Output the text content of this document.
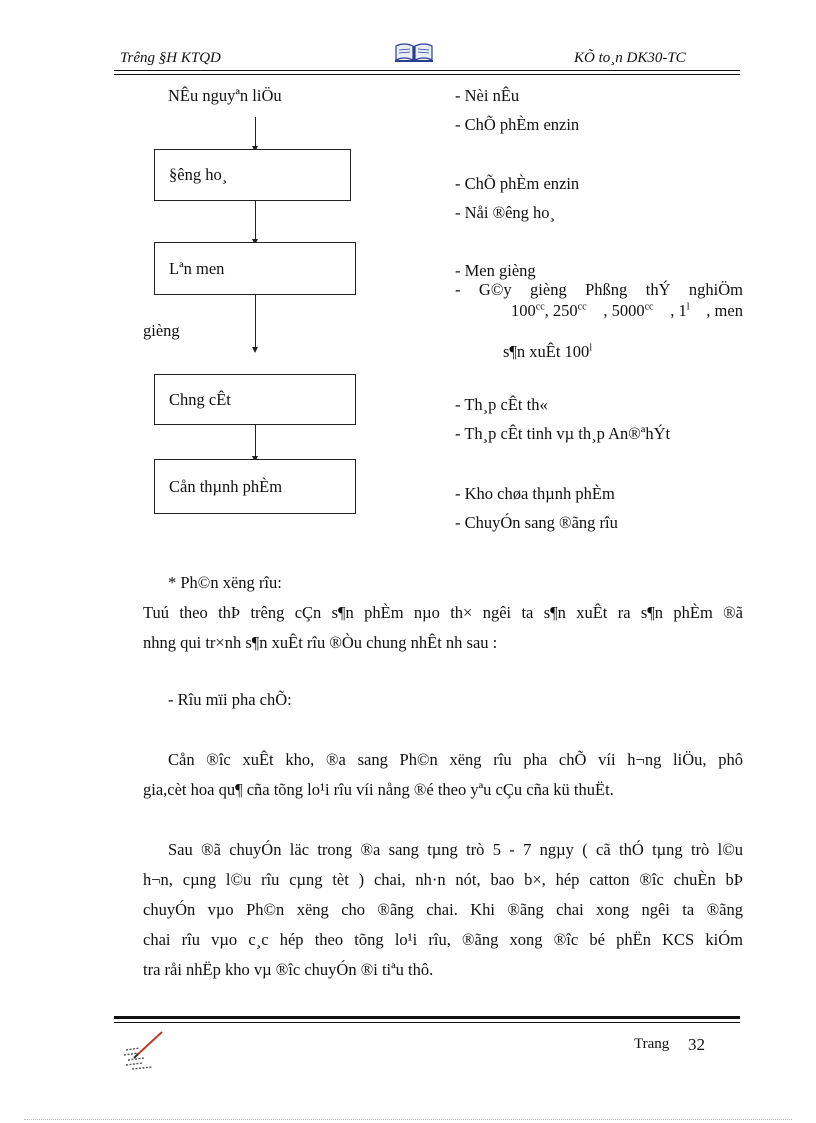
Trêng §H KTQD	KÕ to¸n DK30-TC
NÊu nguyªn liÖu
§êng ho¸
Lªn men
gièng
Chng cÊt
Cån thµnh phÈm
- Nèi nÊu
- ChÕ phÈm enzin
- ChÕ phÈm enzin
- Nåi ®êng ho¸
- Men gièng
- G©y gièng Phßng thÝ nghiÖm
$100^{cc}$, $250^{cc}$ , $5000^{cc}$ , 1$^l$ , men
s¶n xuÊt 100$^l$
- Th¸p cÊt th«
- Th¸p cÊt tinh vµ th¸p An®ªhÝt
- Kho chøa thµnh phÈm
- ChuyÓn sang ®ãng rîu
* Ph©n xëng rîu:
Tuú theo thÞ trêng cÇn s¶n phÈm nµo th× ngêi ta s¶n xuÊt ra s¶n phÈm ®ã
nhng qui tr×nh s¶n xuÊt rîu ®Òu chung nhÊt nh sau :
- Rîu mïi pha chÕ:
Cån ®îc xuÊt kho, ®a sang Ph©n xëng rîu pha chÕ víi h¬ng liÖu, phô
gia,cèt hoa qu¶ cña tõng lo¹i rîu víi nång ®é theo yªu cÇu cña kü thuËt.
Sau ®ã chuyÓn läc trong ®a sang tµng trò 5 - 7 ngµy ( cã thÓ tµng trò l©u
h¬n, cµng l©u rîu cµng tèt ) chai, nh·n nót, bao b×, hép catton ®îc chuÈn bÞ
chuyÓn vµo Ph©n xëng cho ®ãng chai. Khi ®ãng chai xong ngêi ta ®ãng
chai rîu vµo c¸c hép theo tõng lo¹i rîu, ®ãng xong ®îc bé phËn KCS kiÓm
tra råi nhËp kho vµ ®îc chuyÓn ®i tiªu thô.
Trang 32
